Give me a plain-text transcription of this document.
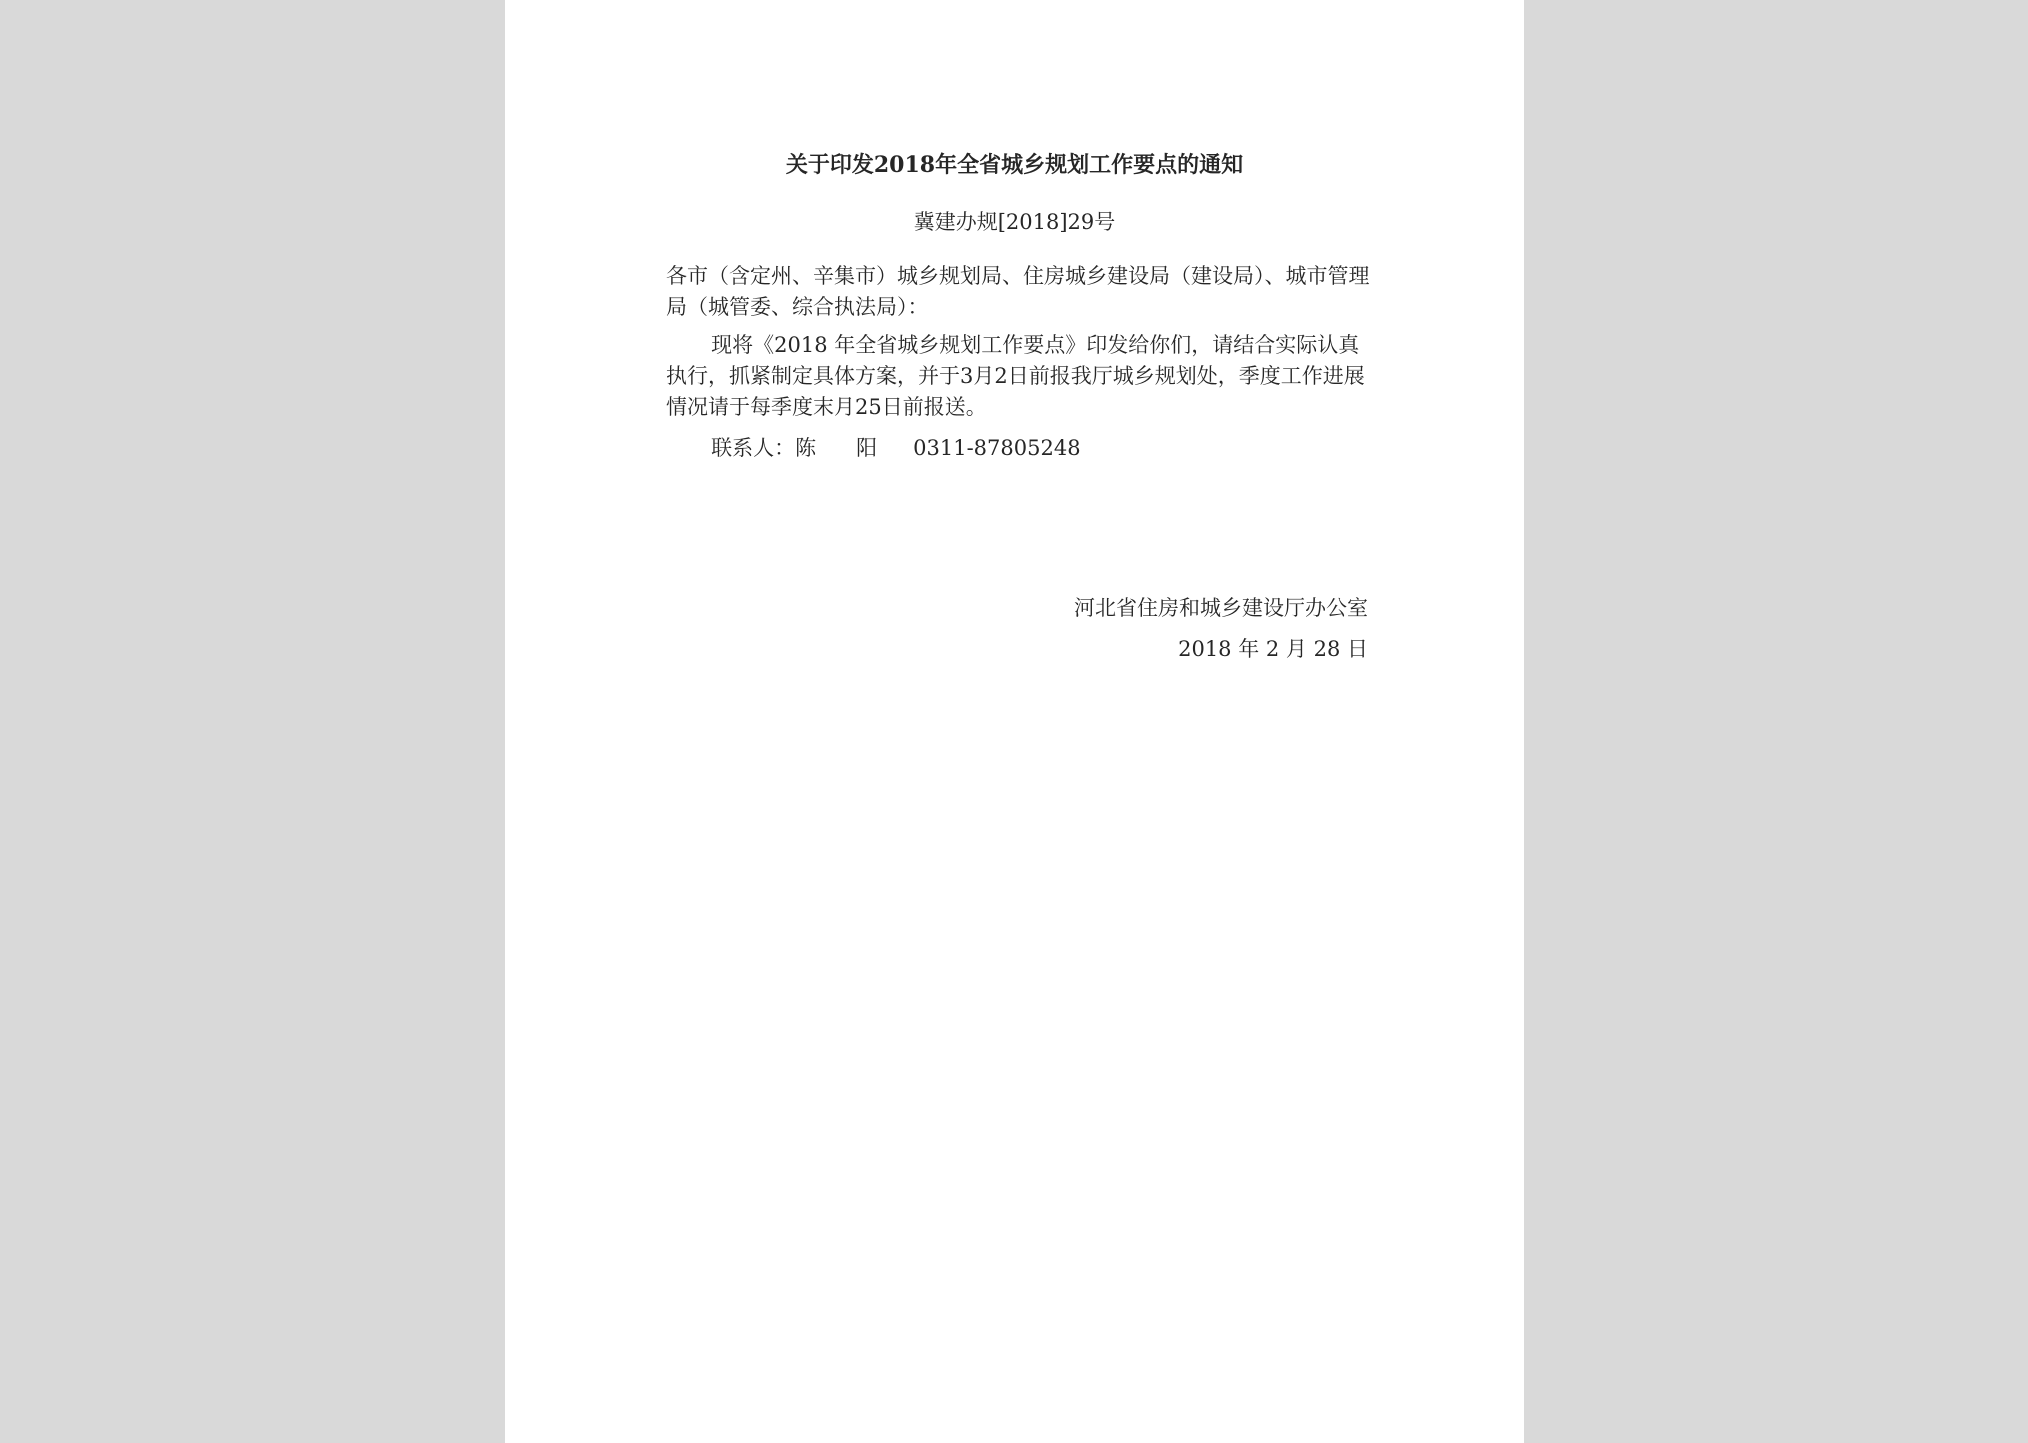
关于印发2018年全省城乡规划工作要点的通知
冀建办规[2018]29号

各市（含定州、辛集市）城乡规划局、住房城乡建设局（建设局）、城市管理局（城管委、综合执法局）：

现将《2018 年全省城乡规划工作要点》印发给你们，请结合实际认真执行，抓紧制定具体方案，并于3月2日前报我厅城乡规划处，季度工作进展情况请于每季度末月25日前报送。

联系人：陈 阳 0311-87805248

河北省住房和城乡建设厅办公室
2018 年 2 月 28 日
